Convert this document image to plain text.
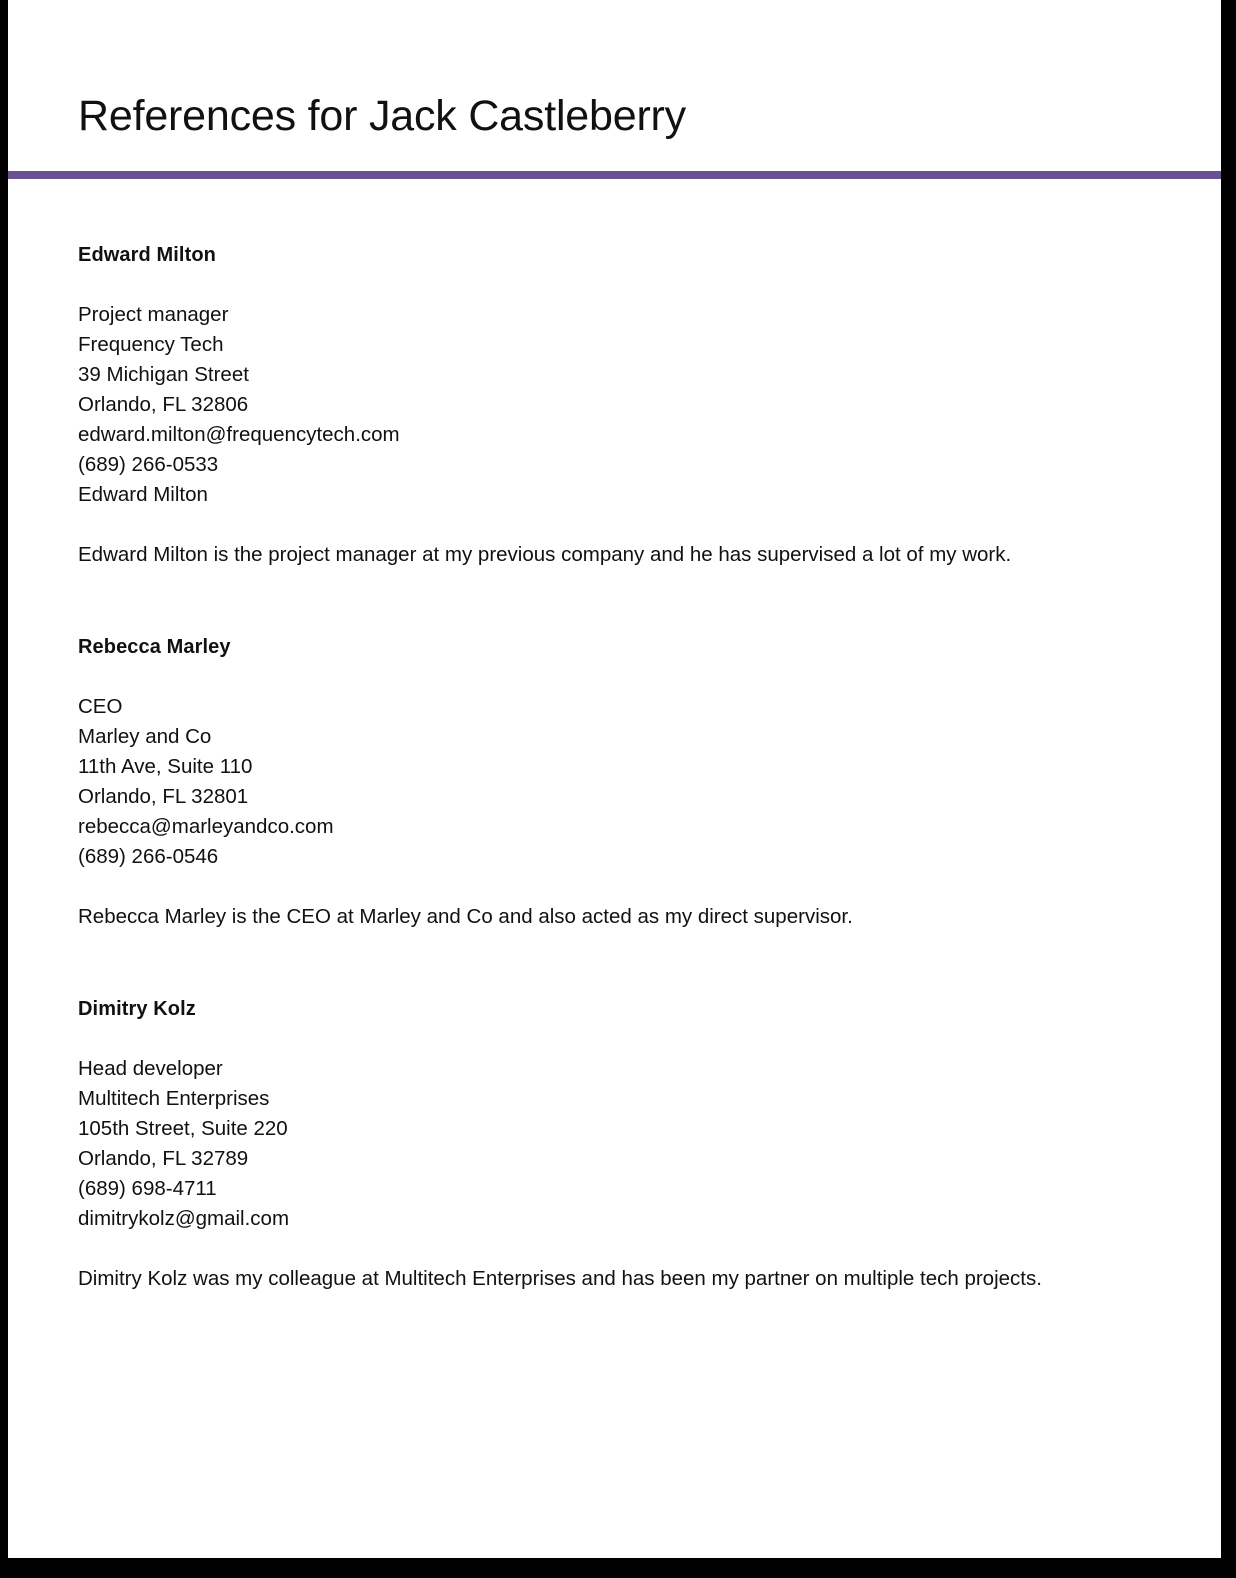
References for Jack Castleberry
Edward Milton
Project manager
Frequency Tech
39 Michigan Street
Orlando, FL 32806
edward.milton@frequencytech.com
(689) 266-0533
Edward Milton

Edward Milton is the project manager at my previous company and he has supervised a lot of my work.

Rebecca Marley
CEO
Marley and Co
11th Ave, Suite 110
Orlando, FL 32801
rebecca@marleyandco.com
(689) 266-0546

Rebecca Marley is the CEO at Marley and Co and also acted as my direct supervisor.

Dimitry Kolz
Head developer
Multitech Enterprises
105th Street, Suite 220
Orlando, FL 32789
(689) 698-4711
dimitrykolz@gmail.com

Dimitry Kolz was my colleague at Multitech Enterprises and has been my partner on multiple tech projects.
